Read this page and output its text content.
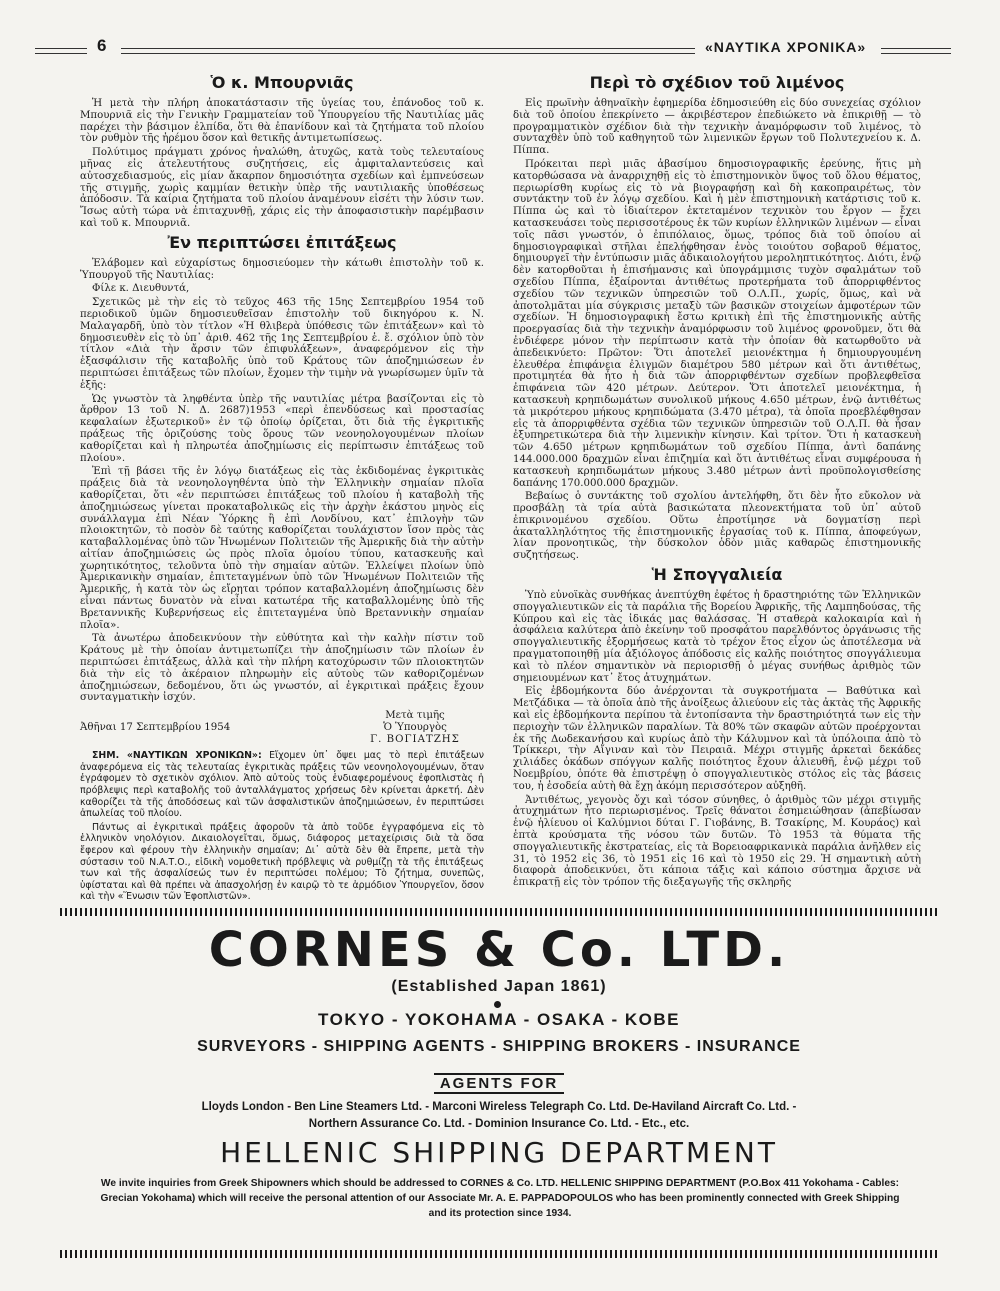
6	«ΝΑΥΤΙΚΑ ΧΡΟΝΙΚΑ»
Ὁ κ. Μπουρνιᾶς

Ἡ μετὰ τὴν πλήρη ἀποκατάστασιν τῆς ὑγείας του, ἐπάνοδος τοῦ κ. Μπουρνιᾶ εἰς τὴν Γενικὴν Γραμματείαν τοῦ Ὑπουργείου τῆς Ναυτιλίας μᾶς παρέχει τὴν βάσιμον ἐλπίδα, ὅτι θὰ ἐπανίδουν καὶ τὰ ζητήματα τοῦ πλοίου τὸν ρυθμὸν τῆς ἠρέμου ὅσον καὶ θετικῆς ἀντιμετωπίσεως.

Πολύτιμος πράγματι χρόνος ἠναλώθη, ἀτυχῶς, κατὰ τοὺς τελευταίους μῆνας εἰς ἀτελευτήτους συζητήσεις, εἰς ἀμφιταλαντεύσεις καὶ αὐτοσχεδιασμούς, εἰς μίαν ἄκαρπον δημοσιότητα σχεδίων καὶ ἐμπνεύσεων τῆς στιγμῆς, χωρὶς καμμίαν θετικὴν ὑπὲρ τῆς ναυτιλιακῆς ὑποθέσεως ἀπόδοσιν. Τὰ καίρια ζητήματα τοῦ πλοίου ἀναμένουν εἰσέτι τὴν λύσιν των. Ἴσως αὐτὴ τώρα νὰ ἐπιταχυνθῇ, χάρις εἰς τὴν ἀποφασιστικὴν παρέμβασιν καὶ τοῦ κ. Μπουρνιᾶ.

Ἐν περιπτώσει ἐπιτάξεως

Ἐλάβομεν καὶ εὐχαρίστως δημοσιεύομεν τὴν κάτωθι ἐπιστολὴν τοῦ κ. Ὑπουργοῦ τῆς Ναυτιλίας:

Φίλε κ. Διευθυντά,

Σχετικῶς μὲ τὴν εἰς τὸ τεῦχος 463 τῆς 15ης Σεπτεμβρίου 1954 τοῦ περιοδικοῦ ὑμῶν δημοσιευθεῖσαν ἐπιστολὴν τοῦ δικηγόρου κ. Ν. Μαλαγαρδῆ, ὑπὸ τὸν τίτλον «Ἡ θλιβερὰ ὑπόθεσις τῶν ἐπιτάξεων» καὶ τὸ δημοσιευθὲν εἰς τὸ ὑπ᾽ ἀριθ. 462 τῆς 1ης Σεπτεμβρίου ἐ. ἔ. σχόλιον ὑπὸ τὸν τίτλον «Διὰ τὴν ἄρσιν τῶν ἐπιφυλάξεων», ἀναφερόμενον εἰς τὴν ἐξασφάλισιν τῆς καταβολῆς ὑπὸ τοῦ Κράτους τῶν ἀποζημιώσεων ἐν περιπτώσει ἐπιτάξεως τῶν πλοίων, ἔχομεν τὴν τιμὴν νὰ γνωρίσωμεν ὑμῖν τὰ ἑξῆς:

Ὡς γνωστὸν τὰ ληφθέντα ὑπὲρ τῆς ναυτιλίας μέτρα βασίζονται εἰς τὸ ἄρθρον 13 τοῦ Ν. Δ. 2687)1953 «περὶ ἐπενδύσεως καὶ προστασίας κεφαλαίων ἐξωτερικοῦ» ἐν τῷ ὁποίῳ ὁρίζεται, ὅτι διὰ τῆς ἐγκριτικῆς πράξεως τῆς ὁριζούσης τοὺς ὅρους τῶν νεονηολογουμένων πλοίων καθορίζεται καὶ ἡ πληρωτέα ἀποζημίωσις εἰς περίπτωσιν ἐπιτάξεως τοῦ πλοίου».

Ἐπὶ τῇ βάσει τῆς ἐν λόγῳ διατάξεως εἰς τὰς ἐκδιδομένας ἐγκριτικὰς πράξεις διὰ τὰ νεονηολογηθέντα ὑπὸ τὴν Ἑλληνικὴν σημαίαν πλοῖα καθορίζεται, ὅτι «ἐν περιπτώσει ἐπιτάξεως τοῦ πλοίου ἡ καταβολὴ τῆς ἀποζημιώσεως γίνεται προκαταβολικῶς εἰς τὴν ἀρχὴν ἑκάστου μηνὸς εἰς συνάλλαγμα ἐπὶ Νέαν Ὑόρκης ἢ ἐπὶ Λονδίνου, κατ᾽ ἐπιλογὴν τῶν πλοιοκτητῶν, τὸ ποσὸν δὲ ταύτης καθορίζεται τουλάχιστον ἴσον πρὸς τὰς καταβαλλομένας ὑπὸ τῶν Ἡνωμένων Πολιτειῶν τῆς Ἀμερικῆς διὰ τὴν αὐτὴν αἰτίαν ἀποζημιώσεις ὡς πρὸς πλοῖα ὁμοίου τύπου, κατασκευῆς καὶ χωρητικότητος, τελοῦντα ὑπὸ τὴν σημαίαν αὐτῶν. Ἐλλείψει πλοίων ὑπὸ Ἀμερικανικὴν σημαίαν, ἐπιτεταγμένων ὑπὸ τῶν Ἡνωμένων Πολιτειῶν τῆς Ἀμερικῆς, ἡ κατὰ τὸν ὡς εἴρηται τρόπον καταβαλλομένη ἀποζημίωσις δὲν εἶναι πάντως δυνατὸν νὰ εἶναι κατωτέρα τῆς καταβαλλομένης ὑπὸ τῆς Βρεταννικῆς Κυβερνήσεως εἰς ἐπιτεταγμένα ὑπὸ Βρεταννικὴν σημαίαν πλοῖα».

Τὰ ἀνωτέρω ἀποδεικνύουν τὴν εὐθύτητα καὶ τὴν καλὴν πίστιν τοῦ Κράτους μὲ τὴν ὁποίαν ἀντιμετωπίζει τὴν ἀποζημίωσιν τῶν πλοίων ἐν περιπτώσει ἐπιτάξεως, ἀλλὰ καὶ τὴν πλήρη κατοχύρωσιν τῶν πλοιοκτητῶν διὰ τὴν εἰς τὸ ἀκέραιον πληρωμὴν εἰς αὐτοὺς τῶν καθοριζομένων ἀποζημιώσεων, δεδομένου, ὅτι ὡς γνωστόν, αἱ ἐγκριτικαὶ πράξεις ἔχουν συνταγματικὴν ἰσχύν.

Ἀθῆναι 17 Σεπτεμβρίου 1954
Μετὰ τιμῆς
Ὁ Ὑπουργὸς
Γ. ΒΟΓΙΑΤΖΗΣ

ΣΗΜ. «ΝΑΥΤΙΚΩΝ ΧΡΟΝΙΚΩΝ»: Εἴχομεν ὑπ᾽ ὄψει μας τὸ περὶ ἐπιτάξεων ἀναφερόμενα εἰς τὰς τελευταίας ἐγκριτικὰς πράξεις τῶν νεονηολογουμένων, ὅταν ἐγράφομεν τὸ σχετικὸν σχόλιον. Ἀπὸ αὐτοὺς τοὺς ἐνδιαφερομένους ἐφοπλιστὰς ἡ πρόβλεψις περὶ καταβολῆς τοῦ ἀνταλλάγματος χρήσεως δὲν κρίνεται ἀρκετή. Δὲν καθορίζει τὰ τῆς ἀποδόσεως καὶ τῶν ἀσφαλιστικῶν ἀποζημιώσεων, ἐν περιπτώσει ἀπωλείας τοῦ πλοίου.

Πάντως αἱ ἐγκριτικαὶ πράξεις ἀφοροῦν τὰ ἀπὸ τοῦδε ἐγγραφόμενα εἰς τὸ ἑλληνικὸν νηολόγιον. Δικαιολογεῖται, ὅμως, διάφορος μεταχείρισις διὰ τὰ ὅσα ἔφερον καὶ φέρουν τὴν ἑλληνικὴν σημαίαν; Δι᾽ αὐτὰ δὲν θὰ ἔπρεπε, μετὰ τὴν σύστασιν τοῦ Ν.Α.Τ.Ο., εἰδικὴ νομοθετικὴ πρόβλεψις νὰ ρυθμίζῃ τὰ τῆς ἐπιτάξεως των καὶ τῆς ἀσφαλίσεώς των ἐν περιπτώσει πολέμου; Τὸ ζήτημα, συνεπῶς, ὑφίσταται καὶ θὰ πρέπει νὰ ἀπασχολήσῃ ἐν καιρῷ τὸ τε ἁρμόδιον Ὑπουργεῖον, ὅσον καὶ τὴν «Ἕνωσιν τῶν Ἐφοπλιστῶν».

Περὶ τὸ σχέδιον τοῦ λιμένος

Εἰς πρωϊνὴν ἀθηναϊκὴν ἐφημερίδα ἐδημοσιεύθη εἰς δύο συνεχείας σχόλιον διὰ τοῦ ὁποίου ἐπεκρίνετο — ἀκριβέστερον ἐπεδιώκετο νὰ ἐπικριθῇ — τὸ προγραμματικὸν σχέδιον διὰ τὴν τεχνικὴν ἀναμόρφωσιν τοῦ λιμένος, τὸ συνταχθὲν ὑπὸ τοῦ καθηγητοῦ τῶν λιμενικῶν ἔργων τοῦ Πολυτεχνείου κ. Δ. Πίππα.

Πρόκειται περὶ μιᾶς ἀβασίμου δημοσιογραφικῆς ἐρεύνης, ἥτις μὴ κατορθώσασα νὰ ἀναρριχηθῇ εἰς τὸ ἐπιστημονικὸν ὕψος τοῦ ὅλου θέματος, περιωρίσθη κυρίως εἰς τὸ νὰ βιογραφήσῃ καὶ δὴ κακοπραιρέτως, τὸν συντάκτην τοῦ ἐν λόγῳ σχεδίου. Καὶ ἡ μὲν ἐπιστημονικὴ κατάρτισις τοῦ κ. Πίππα ὡς καὶ τὸ ἰδιαίτερον ἐκτεταμένον τεχνικὸν του ἔργον — ἔχει κατασκευάσει τοὺς περισσοτέρους ἐκ τῶν κυρίων ἑλληνικῶν λιμένων — εἶναι τοῖς πᾶσι γνωστόν, ὁ ἐπιπόλαιος, ὅμως, τρόπος διὰ τοῦ ὁποίου αἱ δημοσιογραφικαὶ στῆλαι ἐπελήφθησαν ἑνὸς τοιούτου σοβαροῦ θέματος, δημιουργεῖ τὴν ἐντύπωσιν μιᾶς ἀδικαιολογήτου μεροληπτικότητος. Διότι, ἐνῷ δὲν κατορθοῦται ἡ ἐπισήμανσις καὶ ὑπογράμμισις τυχὸν σφαλμάτων τοῦ σχεδίου Πίππα, ἐξαίρονται ἀντιθέτως προτερήματα τοῦ ἀπορριφθέντος σχεδίου τῶν τεχνικῶν ὑπηρεσιῶν τοῦ Ο.Λ.Π., χωρίς, ὅμως, καὶ νὰ ἀποτολμᾶται μία σύγκρισις μεταξὺ τῶν βασικῶν στοιχείων ἀμφοτέρων τῶν σχεδίων. Ἡ δημοσιογραφικὴ ἔστω κριτικὴ ἐπὶ τῆς ἐπιστημονικῆς αὐτῆς προεργασίας διὰ τὴν τεχνικὴν ἀναμόρφωσιν τοῦ λιμένος φρονοῦμεν, ὅτι θὰ ἐνδιέφερε μόνον τὴν περίπτωσιν κατὰ τὴν ὁποίαν θὰ κατωρθοῦτο νὰ ἀπεδεικνύετο: Πρῶτον: Ὅτι ἀποτελεῖ μειονέκτημα ἡ δημιουργουμένη ἐλευθέρα ἐπιφάνεια ἐλιγμῶν διαμέτρου 580 μέτρων καὶ ὅτι ἀντιθέτως, προτιμητέα θὰ ἦτο ἡ διὰ τῶν ἀπορριφθέντων σχεδίων προβλεφθεῖσα ἐπιφάνεια τῶν 420 μέτρων. Δεύτερον. Ὅτι ἀποτελεῖ μειονέκτημα, ἡ κατασκευὴ κρηπιδωμάτων συνολικοῦ μήκους 4.650 μέτρων, ἐνῷ ἀντιθέτως τὰ μικρότερου μήκους κρηπιδώματα (3.470 μέτρα), τὰ ὁποῖα προεβλέφθησαν εἰς τὰ ἀπορριφθέντα σχέδια τῶν τεχνικῶν ὑπηρεσιῶν τοῦ Ο.Λ.Π. θὰ ἦσαν ἐξυπηρετικώτερα διὰ τὴν λιμενικὴν κίνησιν. Καὶ τρίτον. Ὅτι ἡ κατασκευὴ τῶν 4.650 μέτρων κρηπιδωμάτων τοῦ σχεδίου Πίππα, ἀντὶ δαπάνης 144.000.000 δραχμῶν εἶναι ἐπιζημία καὶ ὅτι ἀντιθέτως εἶναι συμφέρουσα ἡ κατασκευὴ κρηπιδωμάτων μήκους 3.480 μέτρων ἀντὶ προϋπολογισθείσης δαπάνης 170.000.000 δραχμῶν.

Βεβαίως ὁ συντάκτης τοῦ σχολίου ἀντελήφθη, ὅτι δὲν ἦτο εὔκολον νὰ προσβάλῃ τὰ τρία αὐτὰ βασικώτατα πλεονεκτήματα τοῦ ὑπ᾽ αὐτοῦ ἐπικρινομένου σχεδίου. Οὕτω ἐπροτίμησε νὰ δογματίσῃ περὶ ἀκαταλληλότητος τῆς ἐπιστημονικῆς ἐργασίας τοῦ κ. Πίππα, ἀποφεύγων, λίαν προνοητικῶς, τὴν δύσκολον ὁδὸν μιᾶς καθαρῶς ἐπιστημονικῆς συζητήσεως.

Ἡ Σπογγαλιεία

Ὑπὸ εὐνοϊκὰς συνθήκας ἀνεπτύχθη ἐφέτος ἡ δραστηριότης τῶν Ἑλληνικῶν σπογγαλιευτικῶν εἰς τὰ παράλια τῆς Βορείου Ἀφρικῆς, τῆς Λαμπηδούσας, τῆς Κύπρου καὶ εἰς τὰς ἰδικάς μας θαλάσσας. Ἡ σταθερὰ καλοκαιρία καὶ ἡ ἀσφάλεια καλύτερα ἀπὸ ἐκείνην τοῦ προσφάτου παρελθόντος ὀργάνωσις τῆς σπογγαλιευτικῆς ἐξορμήσεως κατὰ τὸ τρέχον ἔτος εἶχον ὡς ἀποτέλεσμα νὰ πραγματοποιηθῇ μία ἀξιόλογος ἀπόδοσις εἰς καλῆς ποιότητος σπογγάλιευμα καὶ τὸ πλέον σημαντικὸν νὰ περιορισθῇ ὁ μέγας συνήθως ἀριθμὸς τῶν σημειουμένων κατ᾽ ἔτος ἀτυχημάτων.

Εἰς ἑβδομήκοντα δύο ἀνέρχονται τὰ συγκροτήματα — Βαθύτικα καὶ Μετζάδικα — τὰ ὁποῖα ἀπὸ τῆς ἀνοίξεως ἁλιεύουν εἰς τὰς ἀκτὰς τῆς Ἀφρικῆς καὶ εἰς ἑβδομήκοντα περίπου τὰ ἐντοπίσαντα τὴν δραστηριότητά των εἰς τὴν περιοχὴν τῶν ἑλληνικῶν παραλίων. Τὰ 80% τῶν σκαφῶν αὐτῶν προέρχονται ἐκ τῆς Δωδεκανήσου καὶ κυρίως ἀπὸ τὴν Κάλυμνον καὶ τὰ ὑπόλοιπα ἀπὸ τὸ Τρίκκερι, τὴν Αἴγιναν καὶ τὸν Πειραιᾶ. Μέχρι στιγμῆς ἀρκεταὶ δεκάδες χιλιάδες ὀκάδων σπόγγων καλῆς ποιότητος ἔχουν ἁλιευθῆ, ἐνῷ μέχρι τοῦ Νοεμβρίου, ὁπότε θὰ ἐπιστρέψῃ ὁ σπογγαλιευτικὸς στόλος εἰς τὰς βάσεις του, ἡ ἐσοδεία αὐτὴ θὰ ἔχῃ ἀκόμη περισσότερον αὐξηθῆ.

Ἀντιθέτως, γεγονὸς ὄχι καὶ τόσον σύνηθες, ὁ ἀριθμὸς τῶν μέχρι στιγμῆς ἀτυχημάτων ἦτο περιωρισμένος. Τρεῖς θάνατοι ἐσημειώθησαν (ἀπεβίωσαν ἐνῷ ἡλίευου οἱ Καλύμνιοι δύται Γ. Γιοβάνης, Β. Τσακίρης, Μ. Κουράος) καὶ ἑπτὰ κρούσματα τῆς νόσου τῶν δυτῶν. Τὸ 1953 τὰ θύματα τῆς σπογγαλιευτικῆς ἐκστρατείας, εἰς τὰ Βορειοαφρικανικὰ παράλια ἀνῆλθεν εἰς 31, τὸ 1952 εἰς 36, τὸ 1951 εἰς 16 καὶ τὸ 1950 εἰς 29. Ἡ σημαντικὴ αὐτὴ διαφορὰ ἀποδεικνύει, ὅτι κάποια τάξις καὶ κάποιο σύστημα ἄρχισε νὰ ἐπικρατῇ εἰς τὸν τρόπον τῆς διεξαγωγῆς τῆς σκληρῆς

CORNES & Co. LTD.
(Established Japan 1861)
TOKYO - YOKOHAMA - OSAKA - KOBE
SURVEYORS - SHIPPING AGENTS - SHIPPING BROKERS - INSURANCE
AGENTS FOR
Lloyds London - Ben Line Steamers Ltd. - Marconi Wireless Telegraph Co. Ltd. De-Haviland Aircraft Co. Ltd. -
Northern Assurance Co. Ltd. - Dominion Insurance Co. Ltd. - Etc., etc.
HELLENIC SHIPPING DEPARTMENT
We invite inquiries from Greek Shipowners which should be addressed to CORNES & Co. LTD. HELLENIC SHIPPING DEPARTMENT (P.O.Box 411 Yokohama - Cables: Grecian Yokohama) which will receive the personal attention of our Associate Mr. A. E. PAPPADOPOULOS who has been prominently connected with Greek Shipping and its protection since 1934.
